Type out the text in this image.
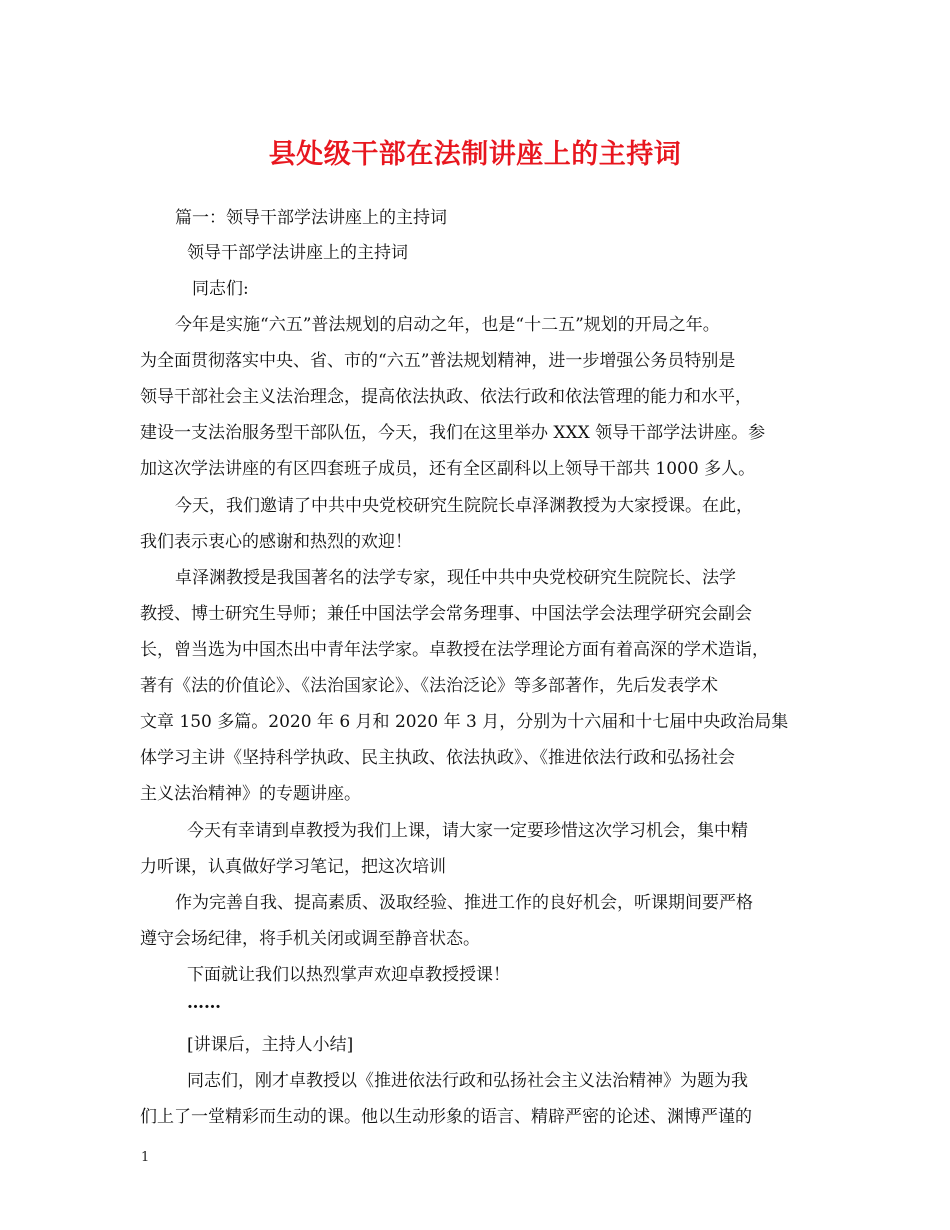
县处级干部在法制讲座上的主持词
篇一：领导干部学法讲座上的主持词
领导干部学法讲座上的主持词
同志们:
今年是实施“六五”普法规划的启动之年，也是“十二五”规划的开局之年。
为全面贯彻落实中央、省、市的“六五”普法规划精神，进一步增强公务员特别是
领导干部社会主义法治理念，提高依法执政、依法行政和依法管理的能力和水平，
建设一支法治服务型干部队伍，今天，我们在这里举办 XXX 领导干部学法讲座。参
加这次学法讲座的有区四套班子成员，还有全区副科以上领导干部共 1000 多人。
今天，我们邀请了中共中央党校研究生院院长卓泽渊教授为大家授课。在此，
我们表示衷心的感谢和热烈的欢迎！
卓泽渊教授是我国著名的法学专家，现任中共中央党校研究生院院长、法学
教授、博士研究生导师；兼任中国法学会常务理事、中国法学会法理学研究会副会
长，曾当选为中国杰出中青年法学家。卓教授在法学理论方面有着高深的学术造诣，
著有《法的价值论》、《法治国家论》、《法治泛论》等多部著作，先后发表学术
文章 150 多篇。2020 年 6 月和 2020 年 3 月，分别为十六届和十七届中央政治局集
体学习主讲《坚持科学执政、民主执政、依法执政》、《推进依法行政和弘扬社会
主义法治精神》的专题讲座。
今天有幸请到卓教授为我们上课，请大家一定要珍惜这次学习机会，集中精
力听课，认真做好学习笔记，把这次培训
作为完善自我、提高素质、汲取经验、推进工作的良好机会，听课期间要严格
遵守会场纪律，将手机关闭或调至静音状态。
下面就让我们以热烈掌声欢迎卓教授授课！
……
[讲课后，主持人小结]
同志们，刚才卓教授以《推进依法行政和弘扬社会主义法治精神》为题为我
们上了一堂精彩而生动的课。他以生动形象的语言、精辟严密的论述、渊博严谨的
1
